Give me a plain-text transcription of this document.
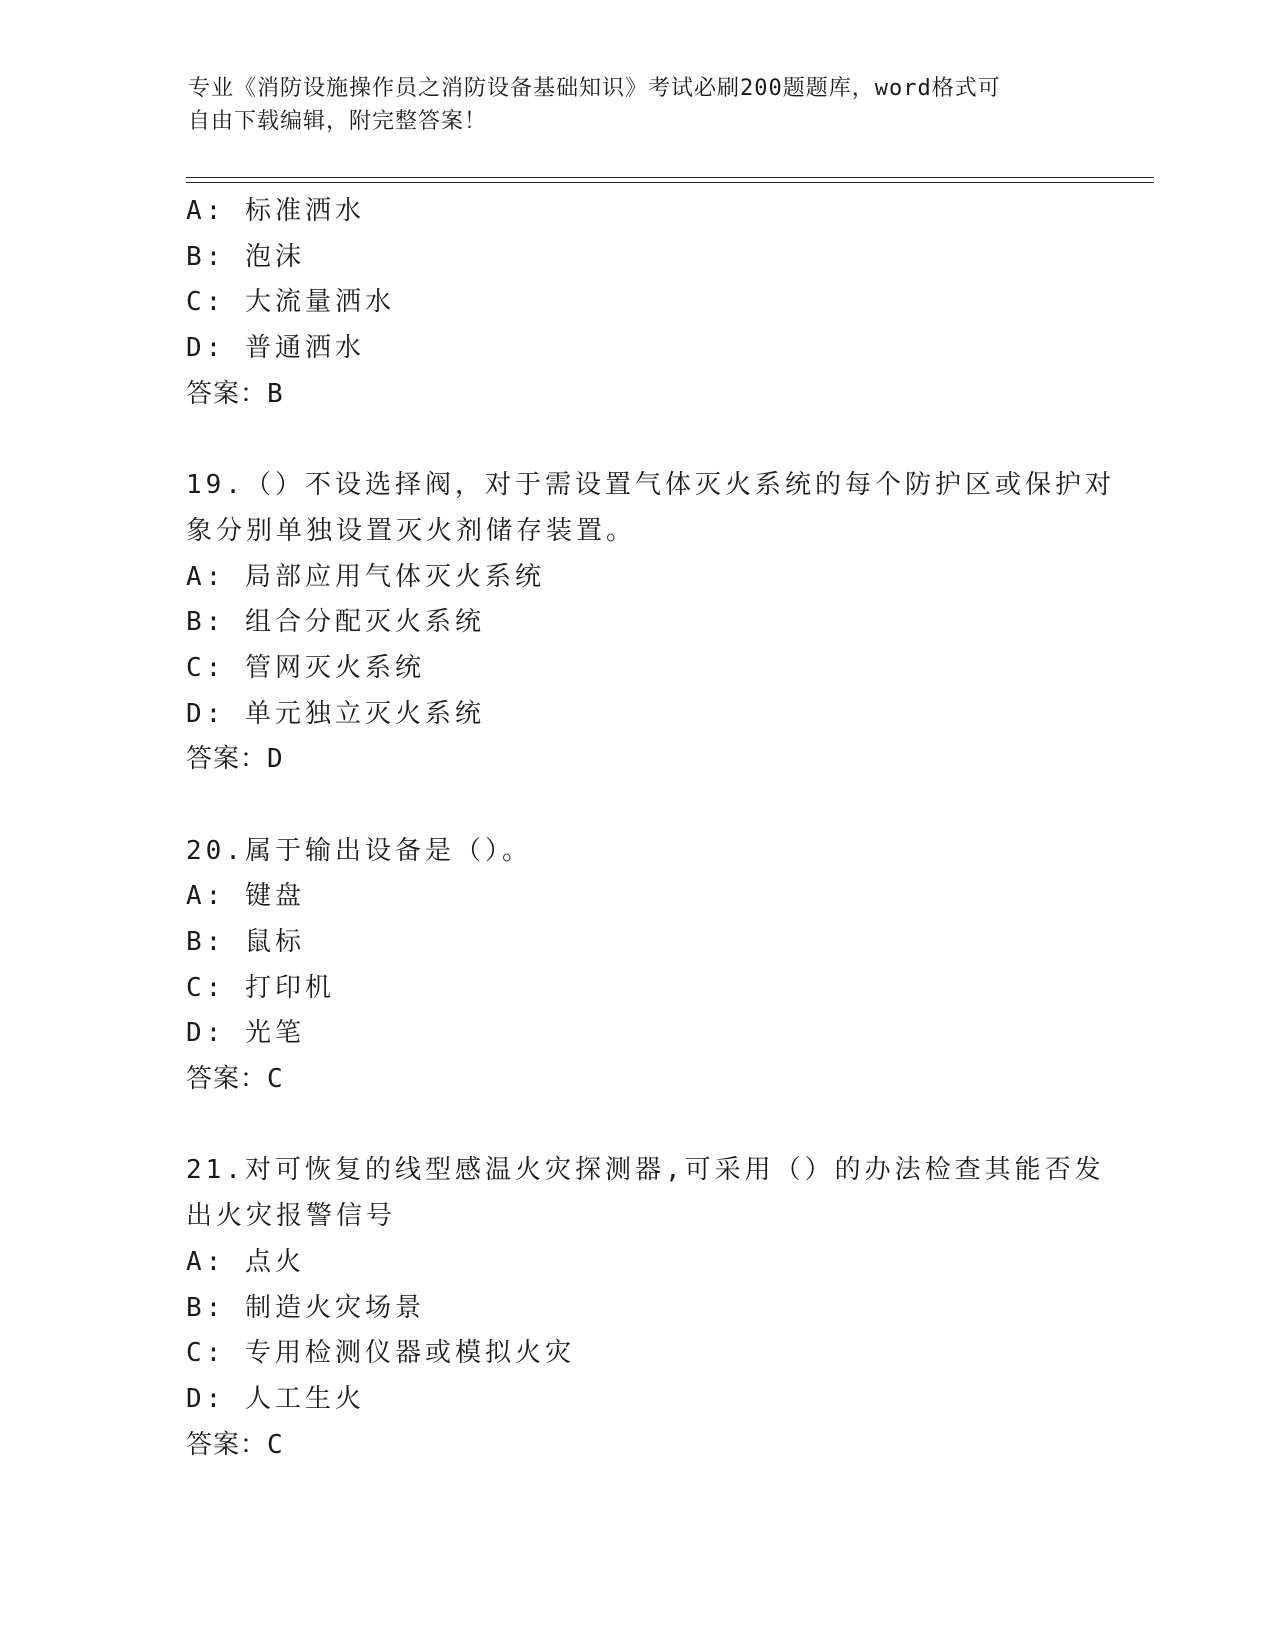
专业《消防设施操作员之消防设备基础知识》考试必刷200题题库，word格式可
自由下载编辑，附完整答案！
A: 标准洒水
B: 泡沫
C: 大流量洒水
D: 普通洒水
答案：B
19.（）不设选择阀，对于需设置气体灭火系统的每个防护区或保护对
象分别单独设置灭火剂储存装置。
A: 局部应用气体灭火系统
B: 组合分配灭火系统
C: 管网灭火系统
D: 单元独立灭火系统
答案：D
20.属于输出设备是（）。
A: 键盘
B: 鼠标
C: 打印机
D: 光笔
答案：C
21.对可恢复的线型感温火灾探测器,可采用（）的办法检查其能否发
出火灾报警信号
A: 点火
B: 制造火灾场景
C: 专用检测仪器或模拟火灾
D: 人工生火
答案：C
